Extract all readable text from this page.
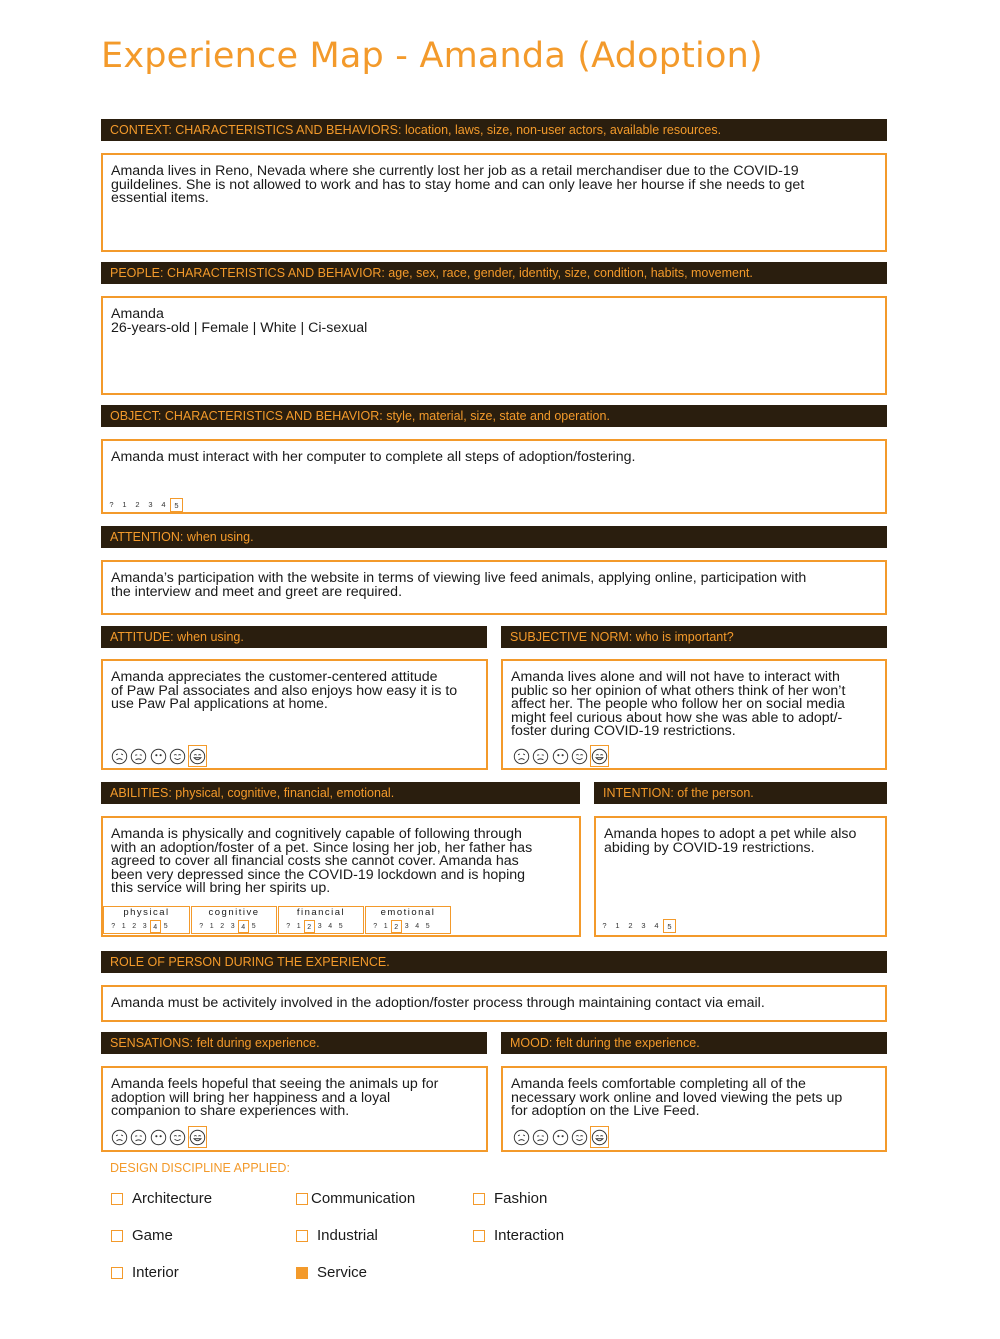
Experience Map - Amanda (Adoption)
CONTEXT: CHARACTERISTICS AND BEHAVIORS: location, laws, size, non-user actors, available resources.
Amanda lives in Reno, Nevada where she currently lost her job as a retail merchandiser due to the COVID-19
guildelines. She is not allowed to work and has to stay home and can only leave her hourse if she needs to get
essential items.
PEOPLE: CHARACTERISTICS AND BEHAVIOR: age, sex, race, gender, identity, size, condition, habits, movement.
Amanda
26-years-old | Female | White | Ci-sexual
OBJECT: CHARACTERISTICS AND BEHAVIOR: style, material, size, state and operation.
Amanda must interact with her computer to complete all steps of adoption/fostering.
?	1	2	3	4	5
ATTENTION: when using.
Amanda’s participation with the website in terms of viewing live feed animals, applying online, participation with
the interview and meet and greet are required.
ATTITUDE: when using.
Amanda appreciates the customer-centered attitude
of Paw Pal associates and also enjoys how easy it is to
use Paw Pal applications at home.
SUBJECTIVE NORM: who is important?
Amanda lives alone and will not have to interact with
public so her opinion of what others think of her won’t
affect her. The people who follow her on social media
might feel curious about how she was able to adopt/-
foster during COVID-19 restrictions.
ABILITIES: physical, cognitive, financial, emotional.
Amanda is physically and cognitively capable of following through
with an adoption/foster of a pet. Since losing her job, her father has
agreed to cover all financial costs she cannot cover. Amanda has
been very depressed since the COVID-19 lockdown and is hoping
this service will bring her spirits up.
physical
? 1 2 3 4 5
cognitive
? 1 2 3 4 5
financial
? 1 2 3 4 5
emotional
? 1 2 3 4 5
INTENTION: of the person.
Amanda hopes to adopt a pet while also
abiding by COVID-19 restrictions.
?	1	2	3	4	5
ROLE OF PERSON DURING THE EXPERIENCE.
Amanda must be activitely involved in the adoption/foster process through maintaining contact via email.
SENSATIONS: felt during experience.
Amanda feels hopeful that seeing the animals up for
adoption will bring her happiness and a loyal
companion to share experiences with.
MOOD: felt during the experience.
Amanda feels comfortable completing all of the
necessary work online and loved viewing the pets up
for adoption on the Live Feed.
DESIGN DISCIPLINE APPLIED:
Architecture	Communication	Fashion
Game	Industrial	Interaction
Interior	Service
